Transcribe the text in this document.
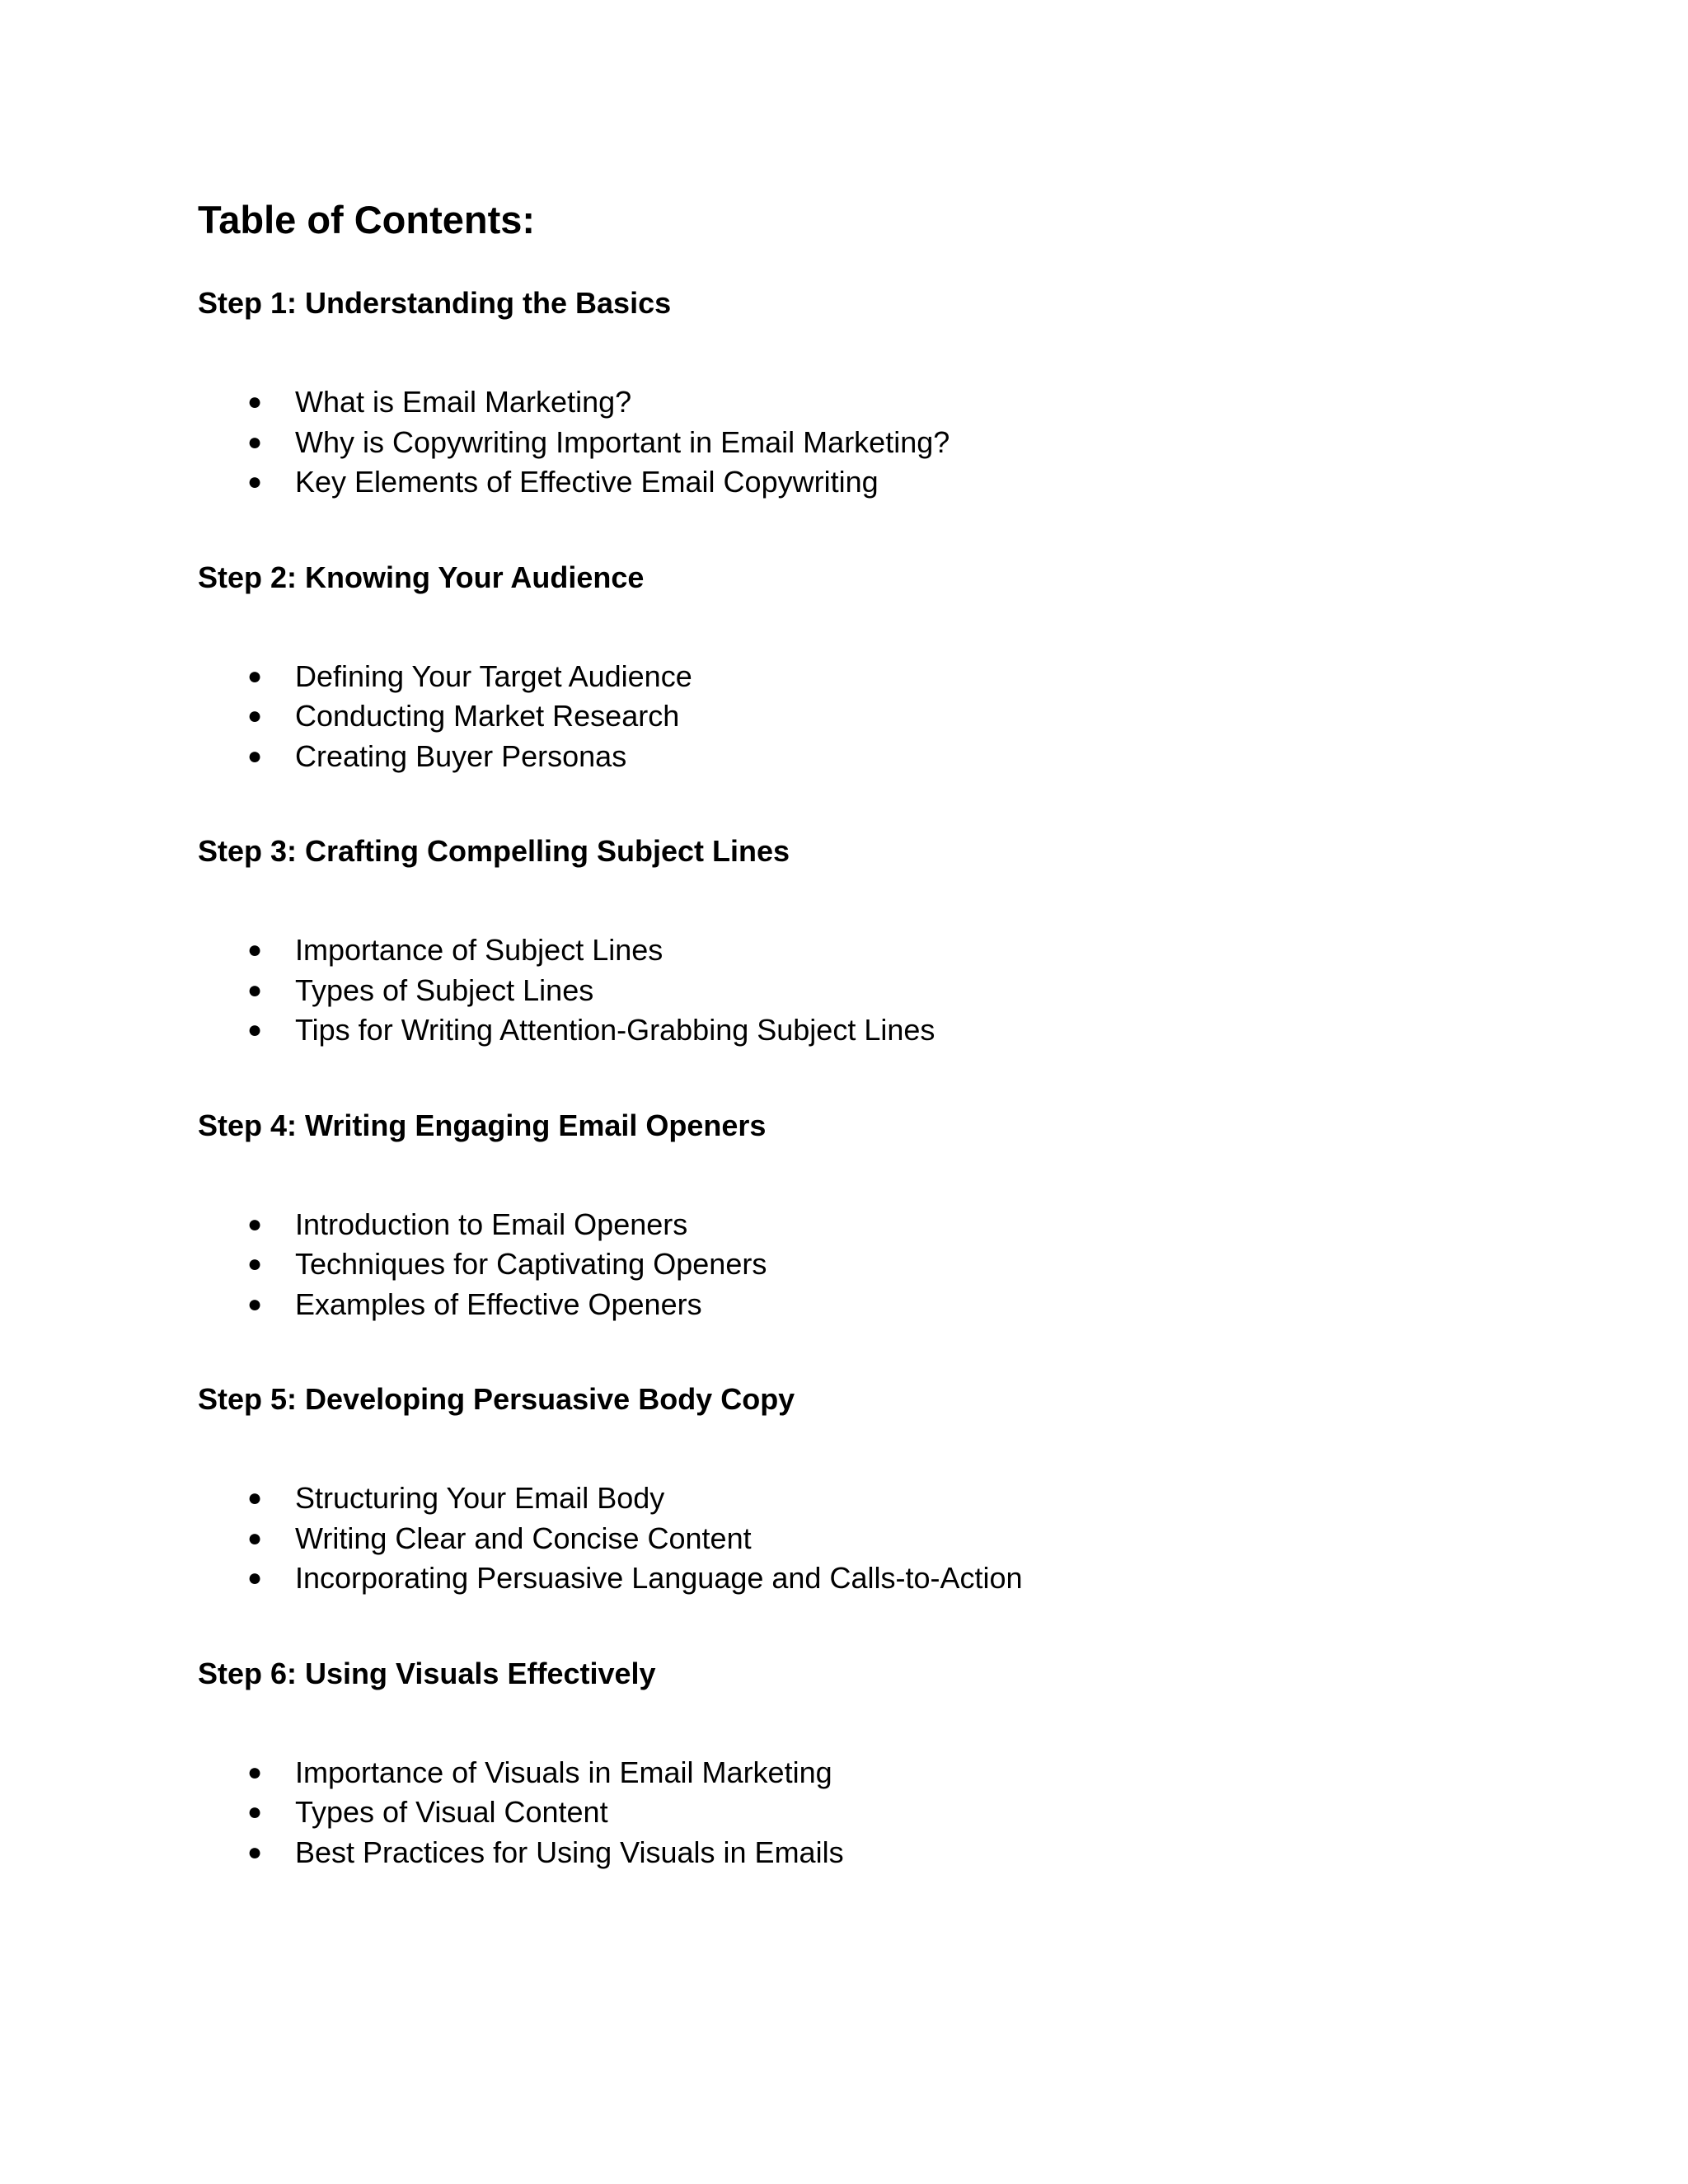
Table of Contents:
Step 1: Understanding the Basics
● What is Email Marketing?
● Why is Copywriting Important in Email Marketing?
● Key Elements of Effective Email Copywriting
Step 2: Knowing Your Audience
● Defining Your Target Audience
● Conducting Market Research
● Creating Buyer Personas
Step 3: Crafting Compelling Subject Lines
● Importance of Subject Lines
● Types of Subject Lines
● Tips for Writing Attention-Grabbing Subject Lines
Step 4: Writing Engaging Email Openers
● Introduction to Email Openers
● Techniques for Captivating Openers
● Examples of Effective Openers
Step 5: Developing Persuasive Body Copy
● Structuring Your Email Body
● Writing Clear and Concise Content
● Incorporating Persuasive Language and Calls-to-Action
Step 6: Using Visuals Effectively
● Importance of Visuals in Email Marketing
● Types of Visual Content
● Best Practices for Using Visuals in Emails
